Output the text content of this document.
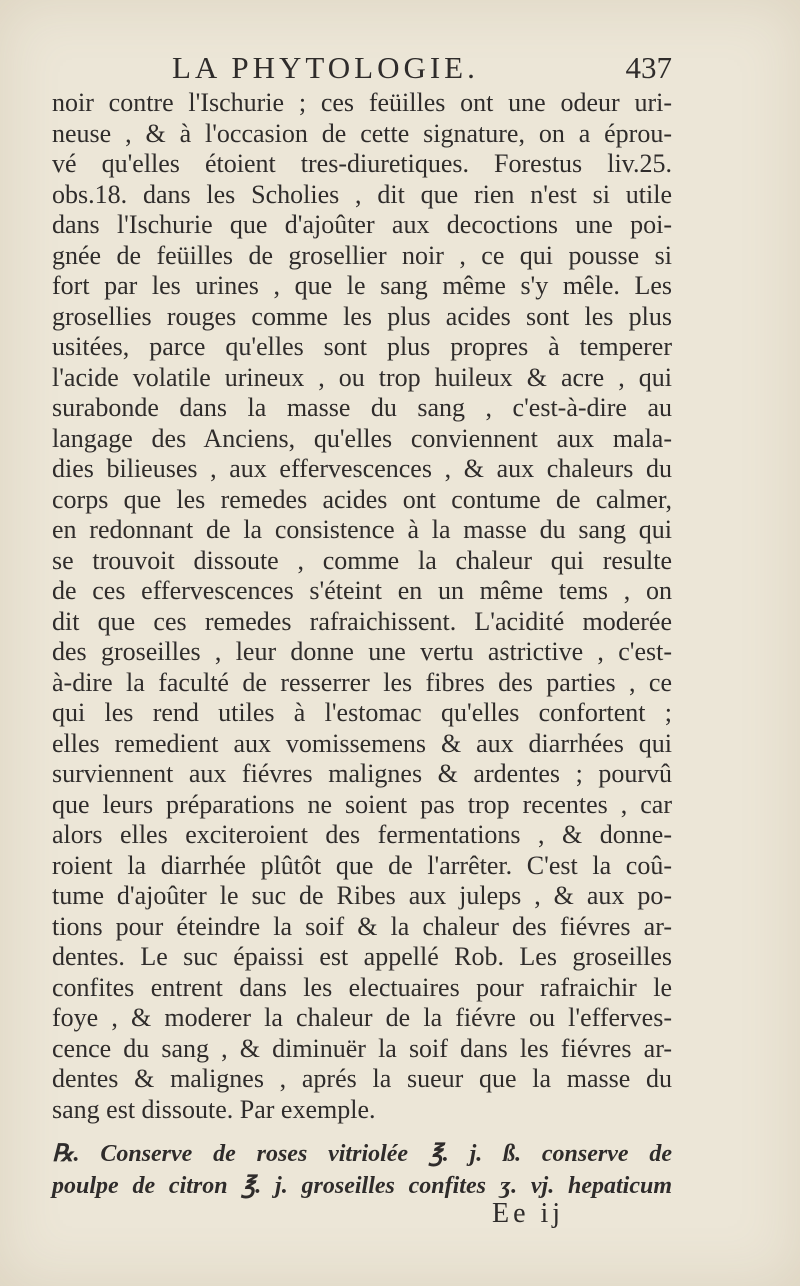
LA PHYTOLOGIE.	437
noir contre l'Ischurie ; ces feüilles ont une odeur uri-
neuse , & à l'occasion de cette signature, on a éprou-
vé qu'elles étoient tres-diuretiques. Forestus liv.25.
obs.18. dans les Scholies , dit que rien n'est si utile
dans l'Ischurie que d'ajoûter aux decoctions une poi-
gnée de feüilles de grosellier noir , ce qui pousse si
fort par les urines , que le sang même s'y mêle. Les
grosellies rouges comme les plus acides sont les plus
usitées, parce qu'elles sont plus propres à temperer
l'acide volatile urineux , ou trop huileux & acre , qui
surabonde dans la masse du sang , c'est-à-dire au
langage des Anciens, qu'elles conviennent aux mala-
dies bilieuses , aux effervescences , & aux chaleurs du
corps que les remedes acides ont contume de calmer,
en redonnant de la consistence à la masse du sang qui
se trouvoit dissoute , comme la chaleur qui resulte
de ces effervescences s'éteint en un même tems , on
dit que ces remedes rafraichissent. L'acidité moderée
des groseilles , leur donne une vertu astrictive , c'est-
à-dire la faculté de resserrer les fibres des parties , ce
qui les rend utiles à l'estomac qu'elles confortent ;
elles remedient aux vomissemens & aux diarrhées qui
surviennent aux fiévres malignes & ardentes ; pourvû
que leurs préparations ne soient pas trop recentes , car
alors elles exciteroient des fermentations , & donne-
roient la diarrhée plûtôt que de l'arrêter. C'est la coû-
tume d'ajoûter le suc de Ribes aux juleps , & aux po-
tions pour éteindre la soif & la chaleur des fiévres ar-
dentes. Le suc épaissi est appellé Rob. Les groseilles
confites entrent dans les electuaires pour rafraichir le
foye , & moderer la chaleur de la fiévre ou l'efferves-
cence du sang , & diminuër la soif dans les fiévres ar-
dentes & malignes , aprés la sueur que la masse du
sang est dissoute. Par exemple.
℞. Conserve de roses vitriolée ℥. j. ß. conserve de
poulpe de citron ℥. j. groseilles confites ʒ. vj. hepaticum
Ee ij
